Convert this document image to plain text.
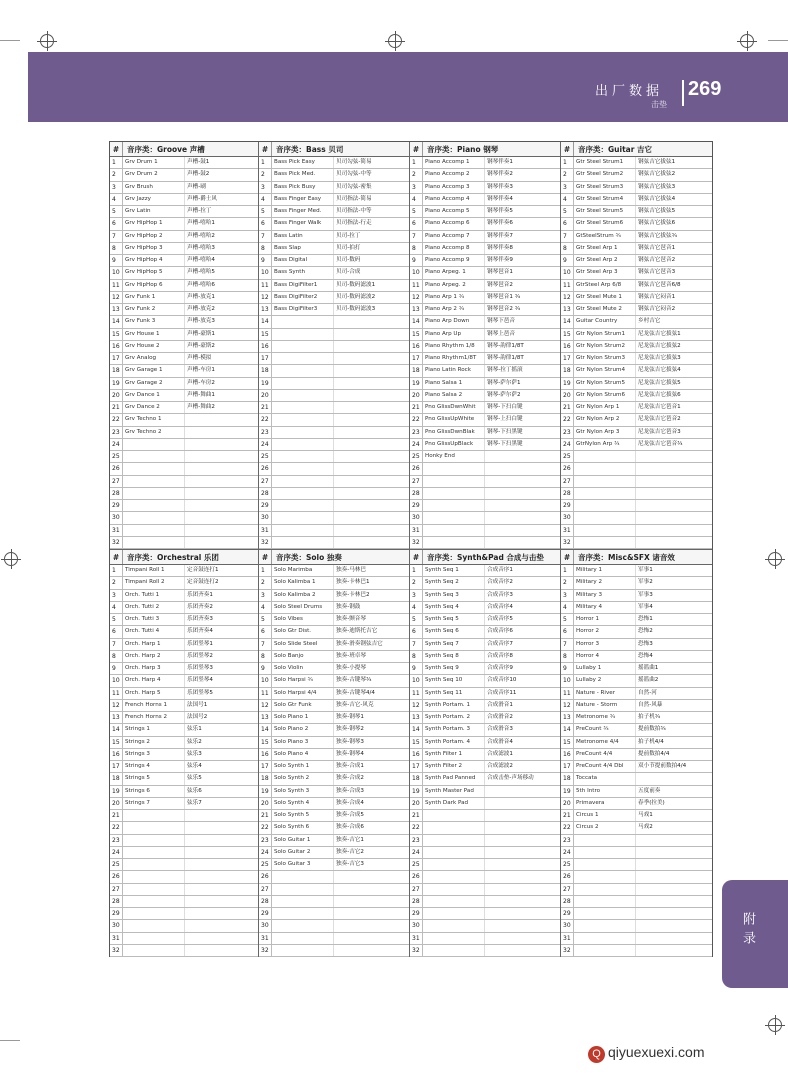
出厂数据
击垫
269
#	音序类：Groove 声槽
1	Grv Drum 1	声槽-鼓1
2	Grv Drum 2	声槽-鼓2
3	Grv Brush	声槽-刷
4	Grv Jazzy	声槽-爵士风
5	Grv Latin	声槽-拉丁
6	Grv HipHop 1	声槽-嘻哈1
7	Grv HipHop 2	声槽-嘻哈2
8	Grv HipHop 3	声槽-嘻哈3
9	Grv HipHop 4	声槽-嘻哈4
10 Grv HipHop 5	声槽-嘻哈5
11 Grv HipHop 6	声槽-嘻哈6
12 Grv Funk 1	声槽-放克1
13 Grv Funk 2	声槽-放克2
14 Grv Funk 3	声槽-放克3
15 Grv House 1	声槽-豪斯1
16 Grv House 2	声槽-豪斯2
17 Grv Analog	声槽-模拟
18 Grv Garage 1	声槽-车房1
19 Grv Garage 2	声槽-车房2
20 Grv Dance 1	声槽-舞曲1
21 Grv Dance 2	声槽-舞曲2
22 Grv Techno 1
23 Grv Techno 2
24
25
26
27
28
29
30
31
32
#	音序类：Bass 贝司
1	Bass Pick Easy	贝司勾弦-简易
2	Bass Pick Med.	贝司勾弦-中等
3	Bass Pick Busy	贝司勾弦-密集
4	Bass Finger Easy	贝司指法-简易
5	Bass Finger Med.	贝司指法-中等
6	Bass Finger Walk	贝司指法-行走
7	Bass Latin	贝司-拉丁
8	Bass Slap	贝司-拍打
9	Bass Digital	贝司-数码
10 Bass Synth	贝司-合成
11 Bass DigiFilter1	贝司-数码滤波1
12 Bass DigiFilter2	贝司-数码滤波2
13 Bass DigiFilter3	贝司-数码滤波3
14
15
16
17
18
19
20
21
22
23
24
25
26
27
28
29
30
31
32
#	音序类：Piano 钢琴
1	Piano Accomp 1	钢琴伴奏1
2	Piano Accomp 2	钢琴伴奏2
3	Piano Accomp 3	钢琴伴奏3
4	Piano Accomp 4	钢琴伴奏4
5	Piano Accomp 5	钢琴伴奏5
6	Piano Accomp 6	钢琴伴奏6
7	Piano Accomp 7	钢琴伴奏7
8	Piano Accomp 8	钢琴伴奏8
9	Piano Accomp 9	钢琴伴奏9
10 Piano Arpeg. 1	钢琴琶音1
11 Piano Arpeg. 2	钢琴琶音2
12 Piano Arp 1 ¾	钢琴琶音1 ¾
13 Piano Arp 2 ¾	钢琴琶音2 ¾
14 Piano Arp Down	钢琴下琶音
15 Piano Arp Up	钢琴上琶音
16 Piano Rhythm 1/8	钢琴-韵律1/8T
17 Piano Rhythm1/8T	钢琴-韵律1/8T
18 Piano Latin Rock	钢琴-拉丁摇滚
19 Piano Salsa 1	钢琴-萨尔萨1
20 Piano Salsa 2	钢琴-萨尔萨2
21 Pno GlissDwnWhit	钢琴-下扫白键
22 Pno GlissUpWhite	钢琴-上扫白键
23 Pno GlissDwnBlak	钢琴-下扫黑键
24 Pno GlissUpBlack	钢琴-下扫黑键
25 Honky End
26
27
28
29
30
31
32
#	音序类：Guitar 吉它
1	Gtr Steel Strum1	钢弦吉它拔弦1
2	Gtr Steel Strum2	钢弦吉它拔弦2
3	Gtr Steel Strum3	钢弦吉它拔弦3
4	Gtr Steel Strum4	钢弦吉它拔弦4
5	Gtr Steel Strum5	钢弦吉它拔弦5
6	Gtr Steel Strum6	钢弦吉它拔弦6
7	GtSteelStrum ¾	钢弦吉它拔弦¾
8	Gtr Steel Arp 1	钢弦吉它琶音1
9	Gtr Steel Arp 2	钢弦吉它琶音2
10 Gtr Steel Arp 3	钢弦吉它琶音3
11 GtrSteel Arp 6/8	钢弦吉它琶音6/8
12 Gtr Steel Mute 1	钢弦吉它闷音1
13 Gtr Steel Mute 2	钢弦吉它闷音2
14 Guitar Country	乡村吉它
15 Gtr Nylon Strum1	尼龙弦吉它拔弦1
16 Gtr Nylon Strum2	尼龙弦吉它拔弦2
17 Gtr Nylon Strum3	尼龙弦吉它拔弦3
18 Gtr Nylon Strum4	尼龙弦吉它拔弦4
19 Gtr Nylon Strum5	尼龙弦吉它拔弦5
20 Gtr Nylon Strum6	尼龙弦吉它拔弦6
21 Gtr Nylon Arp 1	尼龙弦吉它琶音1
22 Gtr Nylon Arp 2	尼龙弦吉它琶音2
23 Gtr Nylon Arp 3	尼龙弦吉它琶音3
24 GtrNylon Arp ¾	尼龙弦吉它琶音¾
25
26
27
28
29
30
31
32
#	音序类：Orchestral 乐团
1	Timpani Roll 1	定音鼓连打1
2	Timpani Roll 2	定音鼓连打2
3	Orch. Tutti 1	乐团齐奏1
4	Orch. Tutti 2	乐团齐奏2
5	Orch. Tutti 3	乐团齐奏3
6	Orch. Tutti 4	乐团齐奏4
7	Orch. Harp 1	乐团竖琴1
8	Orch. Harp 2	乐团竖琴2
9	Orch. Harp 3	乐团竖琴3
10 Orch. Harp 4	乐团竖琴4
11 Orch. Harp 5	乐团竖琴5
12 French Horns 1	法国号1
13 French Horns 2	法国号2
14 Strings 1	弦乐1
15 Strings 2	弦乐2
16 Strings 3	弦乐3
17 Strings 4	弦乐4
18 Strings 5	弦乐5
19 Strings 6	弦乐6
20 Strings 7	弦乐7
21
22
23
24
25
26
27
28
29
30
31
32
#	音序类：Solo 独奏
1	Solo Marimba	独奏-马林巴
2	Solo Kalimba 1	独奏-卡林巴1
3	Solo Kalimba 2	独奏-卡林巴2
4	Solo Steel Drums	独奏-钢鼓
5	Solo Vibes	独奏-颤音琴
6	Solo Gtr Dist.	独奏-迪斯托吉它
7	Solo Slide Steel	独奏-滑奏钢弦吉它
8	Solo Banjo	独奏-班卓琴
9	Solo Violin	独奏-小提琴
10 Solo Harpsi ¾	独奏-古键琴¾
11 Solo Harpsi 4/4	独奏-古键琴4/4
12 Solo Gtr Funk	独奏-吉它-风克
13 Solo Piano 1	独奏-钢琴1
14 Solo Piano 2	独奏-钢琴2
15 Solo Piano 3	独奏-钢琴3
16 Solo Piano 4	独奏-钢琴4
17 Solo Synth 1	独奏-合成1
18 Solo Synth 2	独奏-合成2
19 Solo Synth 3	独奏-合成3
20 Solo Synth 4	独奏-合成4
21 Solo Synth 5	独奏-合成5
22 Solo Synth 6	独奏-合成6
23 Solo Guitar 1	独奏-吉它1
24 Solo Guitar 2	独奏-吉它2
25 Solo Guitar 3	独奏-吉它3
26
27
28
29
30
31
32
#	音序类：Synth&Pad 合成与击垫
1	Synth Seq 1	合成音序1
2	Synth Seq 2	合成音序2
3	Synth Seq 3	合成音序3
4	Synth Seq 4	合成音序4
5	Synth Seq 5	合成音序5
6	Synth Seq 6	合成音序6
7	Synth Seq 7	合成音序7
8	Synth Seq 8	合成音序8
9	Synth Seq 9	合成音序9
10 Synth Seq 10	合成音序10
11 Synth Seq 11	合成音序11
12 Synth Portam. 1	合成滑音1
13 Synth Portam. 2	合成滑音2
14 Synth Portam. 3	合成滑音3
15 Synth Portam. 4	合成滑音4
16 Synth Filter 1	合成滤波1
17 Synth Filter 2	合成滤波2
18 Synth Pad Panned	合成击垫-声场移动
19 Synth Master Pad
20 Synth Dark Pad
21
22
23
24
25
26
27
28
29
30
31
32
#	音序类：Misc&SFX 诸音效
1	Military 1	军事1
2	Military 2	军事2
3	Military 3	军事3
4	Military 4	军事4
5	Horror 1	恐怖1
6	Horror 2	恐怖2
7	Horror 3	恐怖3
8	Horror 4	恐怖4
9	Lullaby 1	摇篮曲1
10 Lullaby 2	摇篮曲2
11 Nature - River	自然-河
12 Nature - Storm	自然-风暴
13 Metronome ¾	拍子机¾
14 PreCount ¾	提前数拍¾
15 Metronome 4/4	拍子机4/4
16 PreCount 4/4	提前数拍4/4
17 PreCount 4/4 Dbl	双小节提前数拍4/4
18 Toccata
19 5th Intro	五度前奏
20 Primavera	春季(拉美)
21 Circus 1	马戏1
22 Circus 2	马戏2
23
24
25
26
27
28
29
30
31
32
附录
Q qiyuexuexi.com
